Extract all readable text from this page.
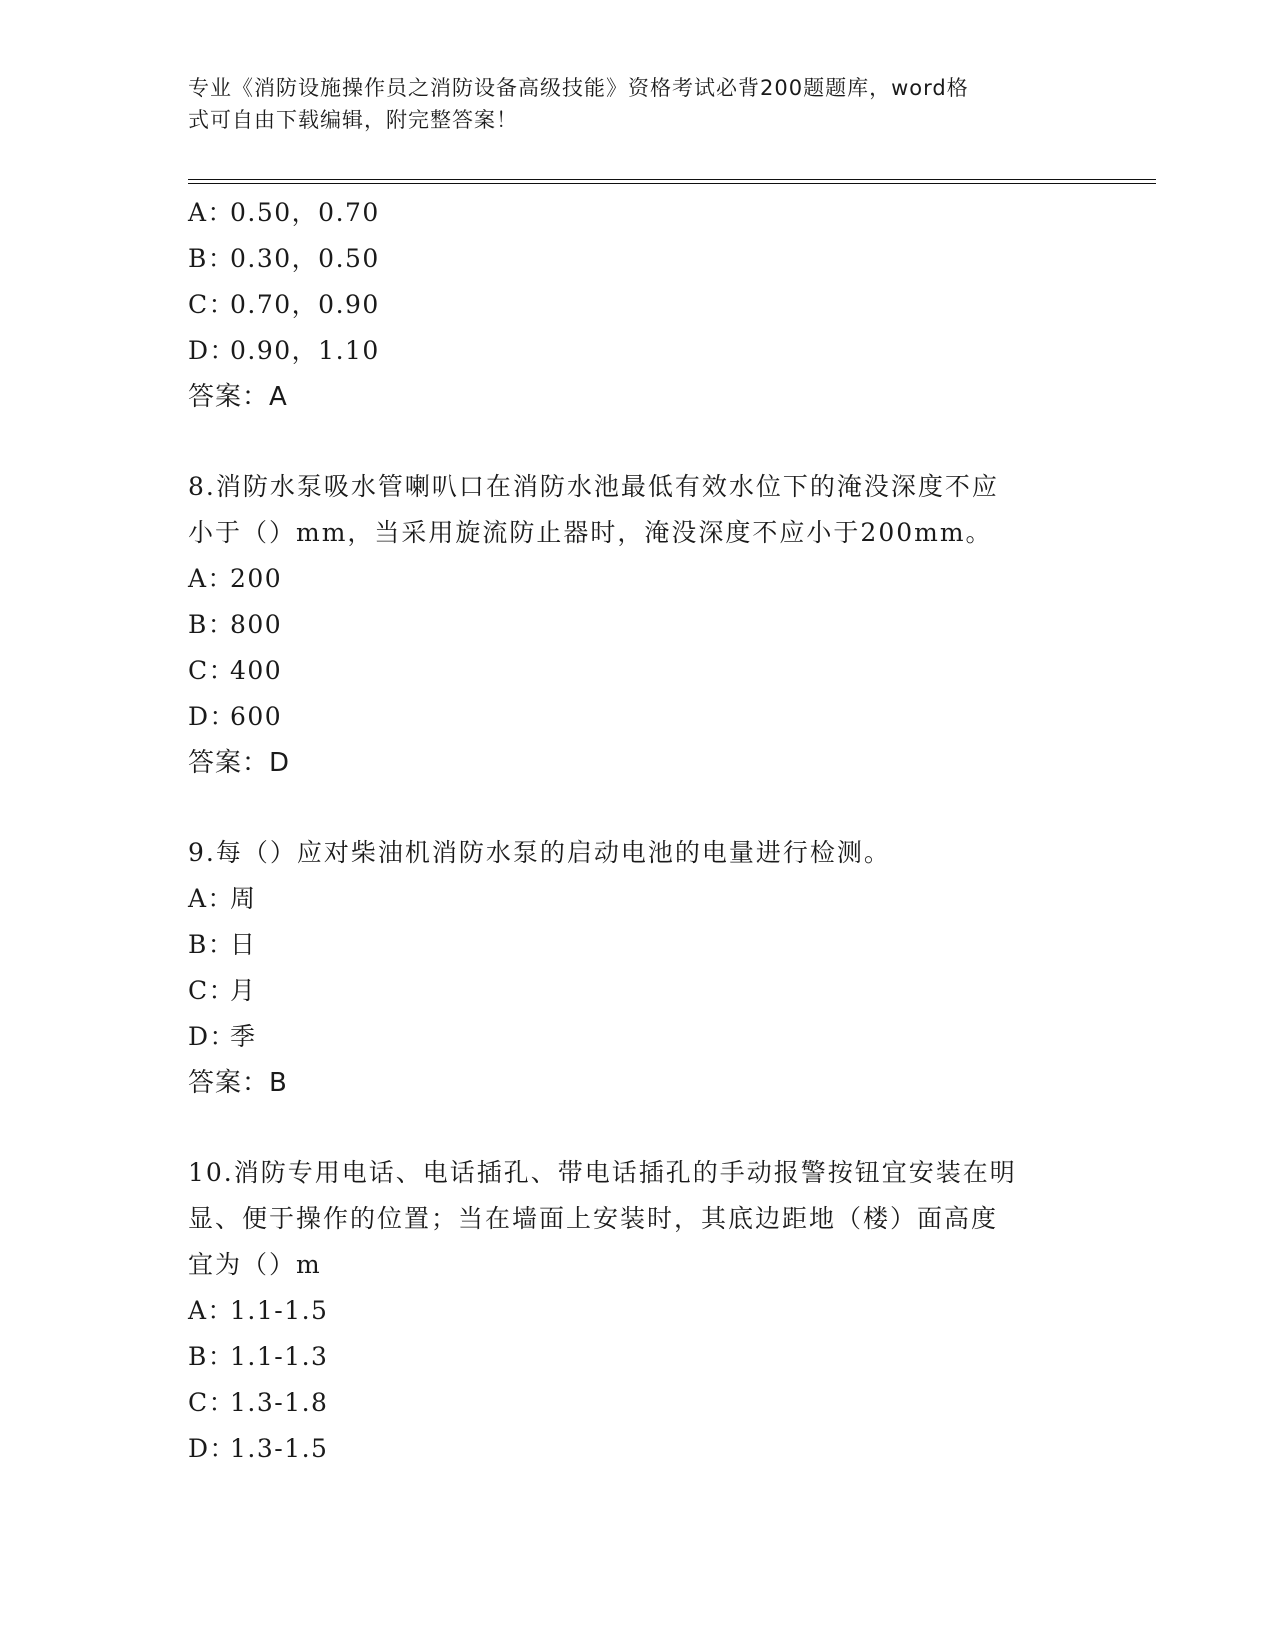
专业《消防设施操作员之消防设备高级技能》资格考试必背200题题库，word格
式可自由下载编辑，附完整答案！
A：0.50，0.70
B：0.30，0.50
C：0.70，0.90
D：0.90，1.10
答案：A
8.消防水泵吸水管喇叭口在消防水池最低有效水位下的淹没深度不应
小于（）mm，当采用旋流防止器时，淹没深度不应小于200mm。
A：200
B：800
C：400
D：600
答案：D
9.每（）应对柴油机消防水泵的启动电池的电量进行检测。
A：周
B：日
C：月
D：季
答案：B
10.消防专用电话、电话插孔、带电话插孔的手动报警按钮宜安装在明
显、便于操作的位置；当在墙面上安装时，其底边距地（楼）面高度
宜为（）m
A：1.1-1.5
B：1.1-1.3
C：1.3-1.8
D：1.3-1.5
